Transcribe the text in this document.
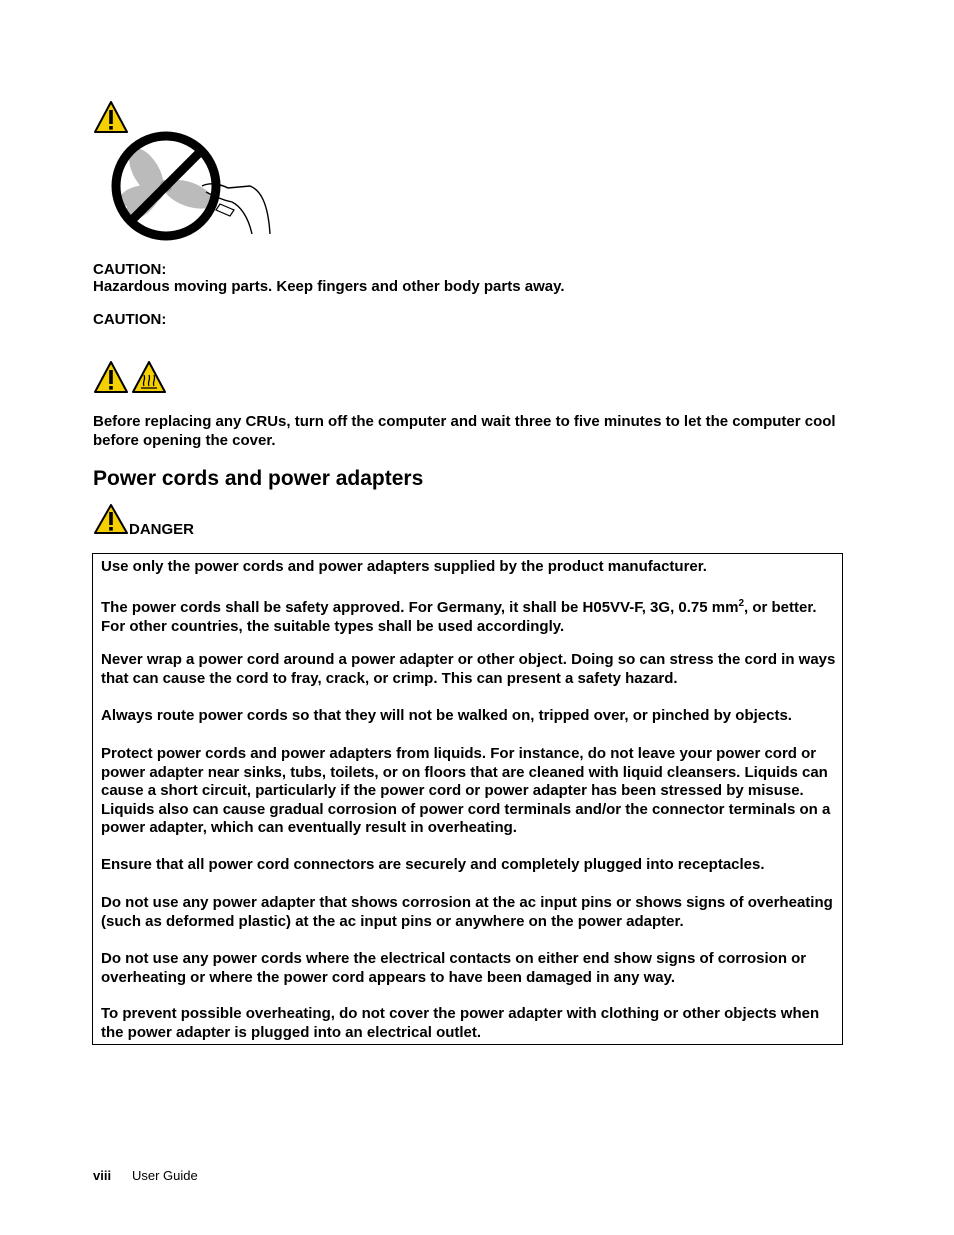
CAUTION:
Hazardous moving parts. Keep fingers and other body parts away.
CAUTION:
Before replacing any CRUs, turn off the computer and wait three to five minutes to let the computer cool before opening the cover.
Power cords and power adapters
DANGER
Use only the power cords and power adapters supplied by the product manufacturer.
The power cords shall be safety approved. For Germany, it shall be H05VV-F, 3G, 0.75 $mm^2$, or better. For other countries, the suitable types shall be used accordingly.
Never wrap a power cord around a power adapter or other object. Doing so can stress the cord in ways that can cause the cord to fray, crack, or crimp. This can present a safety hazard.
Always route power cords so that they will not be walked on, tripped over, or pinched by objects.
Protect power cords and power adapters from liquids. For instance, do not leave your power cord or power adapter near sinks, tubs, toilets, or on floors that are cleaned with liquid cleansers. Liquids can cause a short circuit, particularly if the power cord or power adapter has been stressed by misuse. Liquids also can cause gradual corrosion of power cord terminals and/or the connector terminals on a power adapter, which can eventually result in overheating.
Ensure that all power cord connectors are securely and completely plugged into receptacles.
Do not use any power adapter that shows corrosion at the ac input pins or shows signs of overheating (such as deformed plastic) at the ac input pins or anywhere on the power adapter.
Do not use any power cords where the electrical contacts on either end show signs of corrosion or overheating or where the power cord appears to have been damaged in any way.
To prevent possible overheating, do not cover the power adapter with clothing or other objects when the power adapter is plugged into an electrical outlet.
viii User Guide
